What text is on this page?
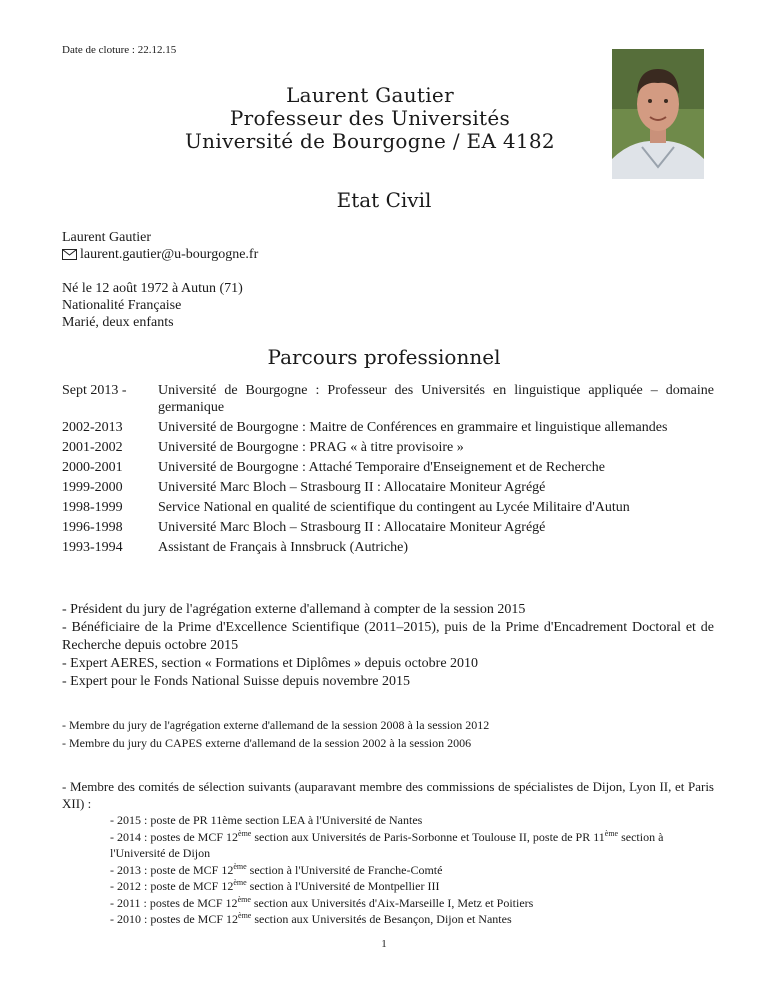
Date de cloture : 22.12.15
Laurent Gautier
Professeur des Universités
Université de Bourgogne / EA 4182
Etat Civil
Laurent Gautier
laurent.gautier@u-bourgogne.fr
Né le 12 août 1972 à Autun (71)
Nationalité Française
Marié, deux enfants
Parcours professionnel
Sept 2013 -	Université de Bourgogne : Professeur des Universités en linguistique appliquée – domaine germanique
2002-2013	Université de Bourgogne : Maitre de Conférences en grammaire et linguistique allemandes
2001-2002	Université de Bourgogne : PRAG « à titre provisoire »
2000-2001	Université de Bourgogne : Attaché Temporaire d'Enseignement et de Recherche
1999-2000	Université Marc Bloch – Strasbourg II : Allocataire Moniteur Agrégé
1998-1999	Service National en qualité de scientifique du contingent au Lycée Militaire d'Autun
1996-1998	Université Marc Bloch – Strasbourg II : Allocataire Moniteur Agrégé
1993-1994	Assistant de Français à Innsbruck (Autriche)

- Président du jury de l'agrégation externe d'allemand à compter de la session 2015

- Bénéficiaire de la Prime d'Excellence Scientifique (2011–2015), puis de la Prime d'Encadrement Doctoral et de Recherche depuis octobre 2015

- Expert AERES, section « Formations et Diplômes » depuis octobre 2010

- Expert pour le Fonds National Suisse depuis novembre 2015

- Membre du jury de l'agrégation externe d'allemand de la session 2008 à la session 2012

- Membre du jury du CAPES externe d'allemand de la session 2002 à la session 2006

- Membre des comités de sélection suivants (auparavant membre des commissions de spécialistes de Dijon, Lyon II, et Paris XII) :

- 2015 : poste de PR 11ème section LEA à l'Université de Nantes

- 2014 : postes de MCF 12ème section aux Universités de Paris-Sorbonne et Toulouse II, poste de PR 11ème section à l'Université de Dijon

- 2013 : poste de MCF 12ème section à l'Université de Franche-Comté

- 2012 : poste de MCF 12ème section à l'Université de Montpellier III

- 2011 : postes de MCF 12ème section aux Universités d'Aix-Marseille I, Metz et Poitiers

- 2010 : postes de MCF 12ème section aux Universités de Besançon, Dijon et Nantes

1
